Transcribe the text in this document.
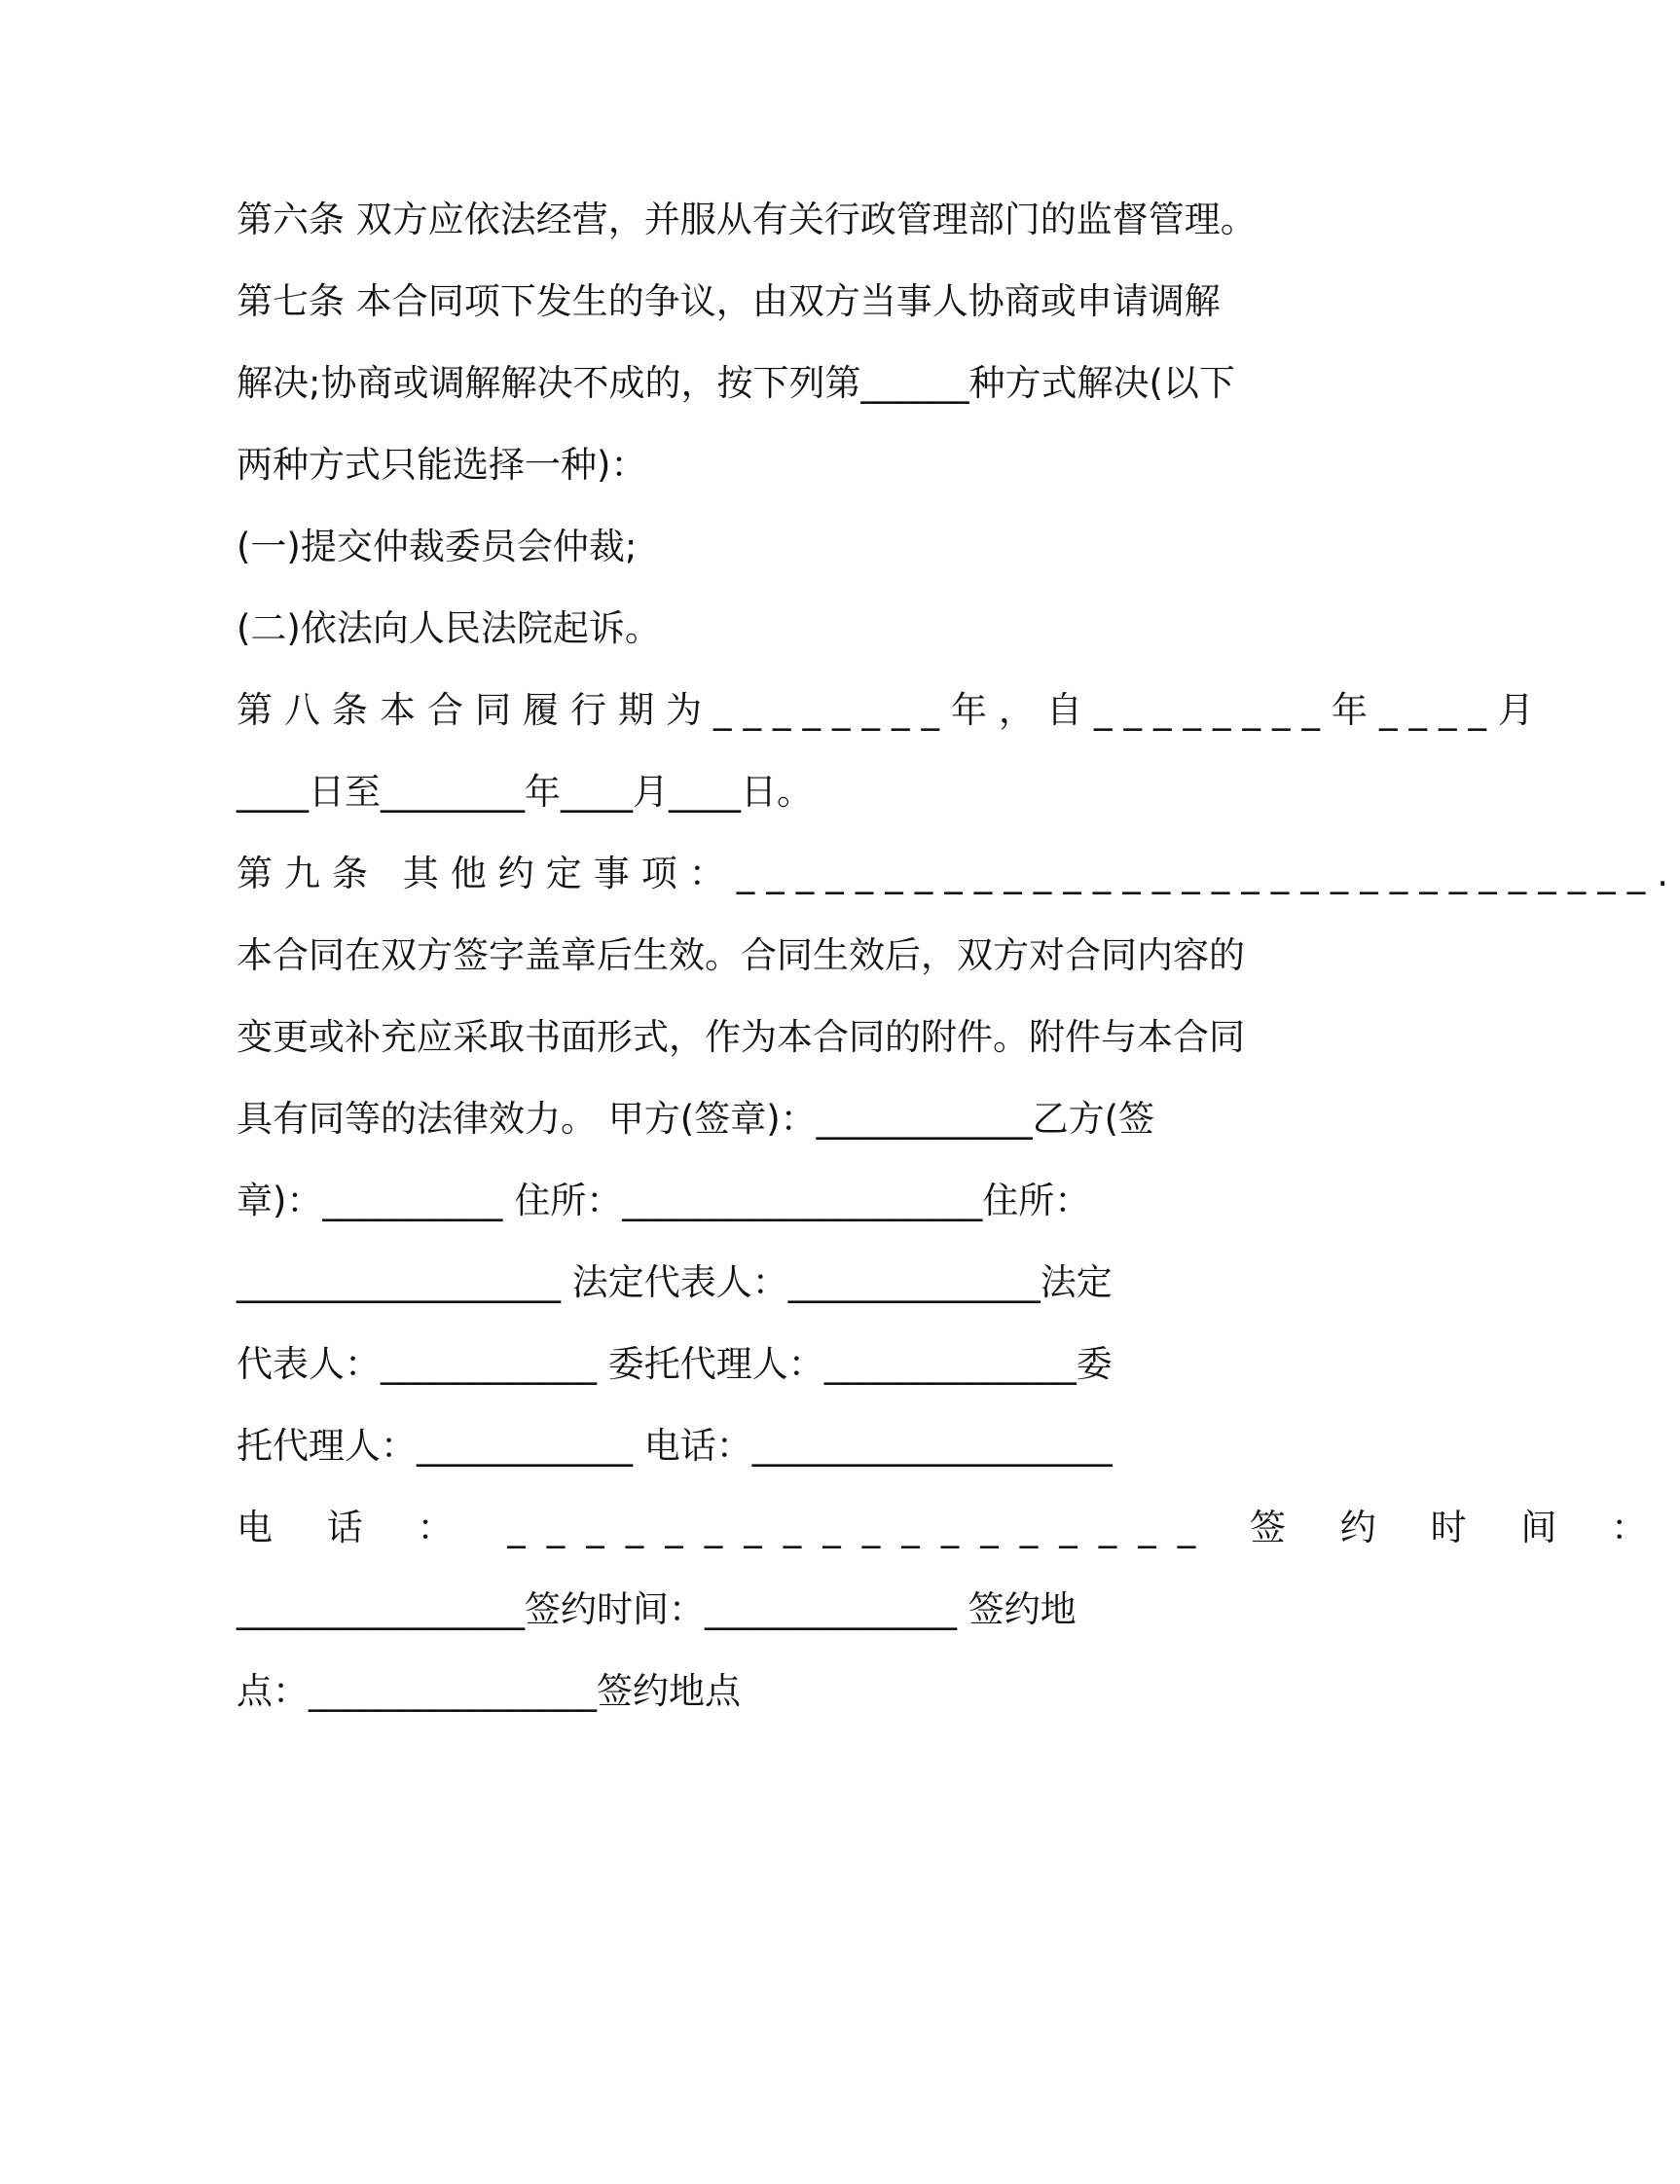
第六条 双方应依法经营，并服从有关行政管理部门的监督管理。
第七条 本合同项下发生的争议，由双方当事人协商或申请调解
解决;协商或调解解决不成的，按下列第______种方式解决(以下
两种方式只能选择一种)：
(一)提交仲裁委员会仲裁;
(二)依法向人民法院起诉。
第八条本合同履行期为________年，自________年____月
____日至________年____月____日。
第九条 其他约定事项：_______________________________.
本合同在双方签字盖章后生效。合同生效后，双方对合同内容的
变更或补充应采取书面形式，作为本合同的附件。附件与本合同
具有同等的法律效力。 甲方(签章)：____________乙方(签
章)：__________ 住所：____________________住所：
__________________ 法定代表人：______________法定
代表人：____________ 委托代理人：______________委
托代理人：____________ 电话：____________________
电 话 ： __________________ 签 约 时 间 ：
________________签约时间：______________ 签约地
点：________________签约地点
